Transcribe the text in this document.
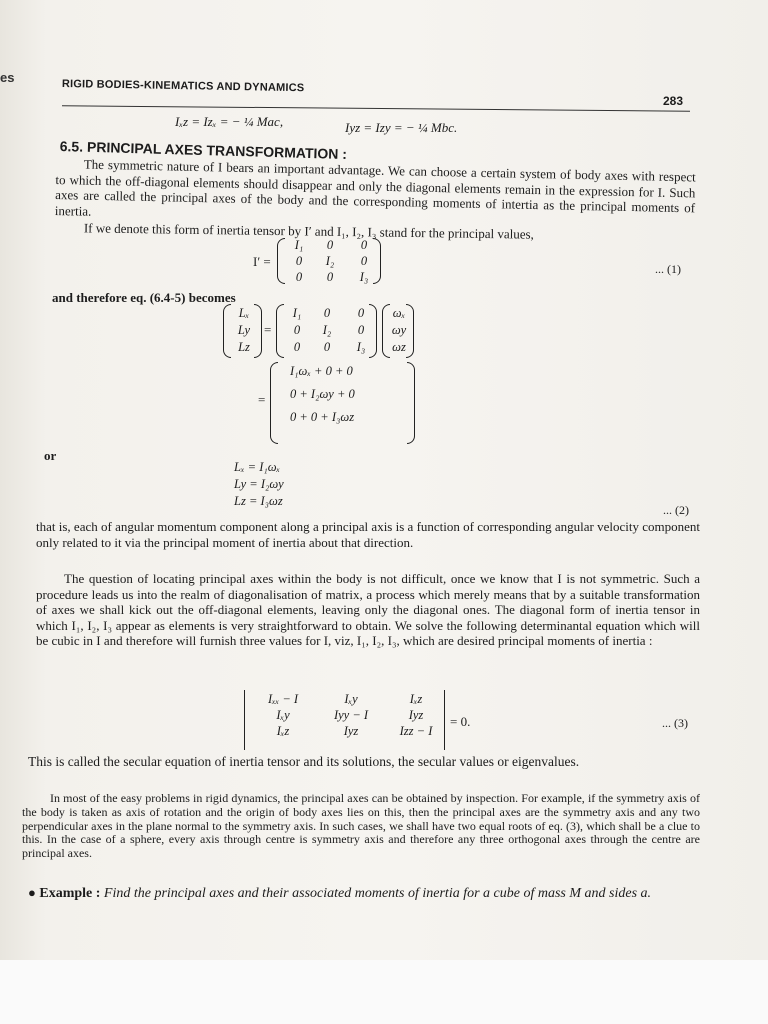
es
RIGID BODIES-KINEMATICS AND DYNAMICS
283
Iₓz = Izₓ = − ¼ Mac,	Iyz = Izy = − ¼ Mbc.
6.5. PRINCIPAL AXES TRANSFORMATION :

The symmetric nature of I bears an important advantage. We can choose a certain system of body axes with respect to which the off-diagonal elements should disappear and only the diagonal elements remain in the expression for I. Such axes are called the principal axes of the body and the corresponding moments of intertia as the principal moments of inertia.

If we denote this form of inertia tensor by I′ and I₁, I₂, I₃ stand for the principal values,

I′ =
I₁	0	0
0	I₂	0
0	0	I₃
... (1)
and therefore eq. (6.4-5) becomes
Lₓ
Ly
Lz
=
I₁	0	0
0	I₂	0
0	0	I₃
ωₓ
ωy
ωz
=
I₁ωₓ + 0 + 0
0 + I₂ωy + 0
0 + 0 + I₃ωz
or
Lₓ = I₁ωₓ
Ly = I₂ωy
Lz = I₃ωz
... (2)

that is, each of angular momentum component along a principal axis is a function of corresponding angular velocity component only related to it via the principal moment of inertia about that direction.

The question of locating principal axes within the body is not difficult, once we know that I is not symmetric. Such a procedure leads us into the realm of diagonalisation of matrix, a process which merely means that by a suitable transformation of axes we shall kick out the off-diagonal elements, leaving only the diagonal ones. The diagonal form of inertia tensor in which I₁, I₂, I₃ appear as elements is very straightforward to obtain. We solve the following determinantal equation which will be cubic in I and therefore will furnish three values for I, viz, I₁, I₂, I₃, which are desired principal moments of inertia :

Iₓₓ − I	Iₓy	Iₓz
Iₓy	Iyy − I	Iyz
Iₓz	Iyz	Izz − I
= 0.	... (3)

This is called the secular equation of inertia tensor and its solutions, the secular values or eigenvalues.

In most of the easy problems in rigid dynamics, the principal axes can be obtained by inspection. For example, if the symmetry axis of the body is taken as axis of rotation and the origin of body axes lies on this, then the principal axes are the symmetry axis and any two perpendicular axes in the plane normal to the symmetry axis. In such cases, we shall have two equal roots of eq. (3), which shall be a clue to this. In the case of a sphere, every axis through centre is symmetry axis and therefore any three orthogonal axes through the centre are principal axes.

● Example : Find the principal axes and their associated moments of inertia for a cube of mass M and sides a.
